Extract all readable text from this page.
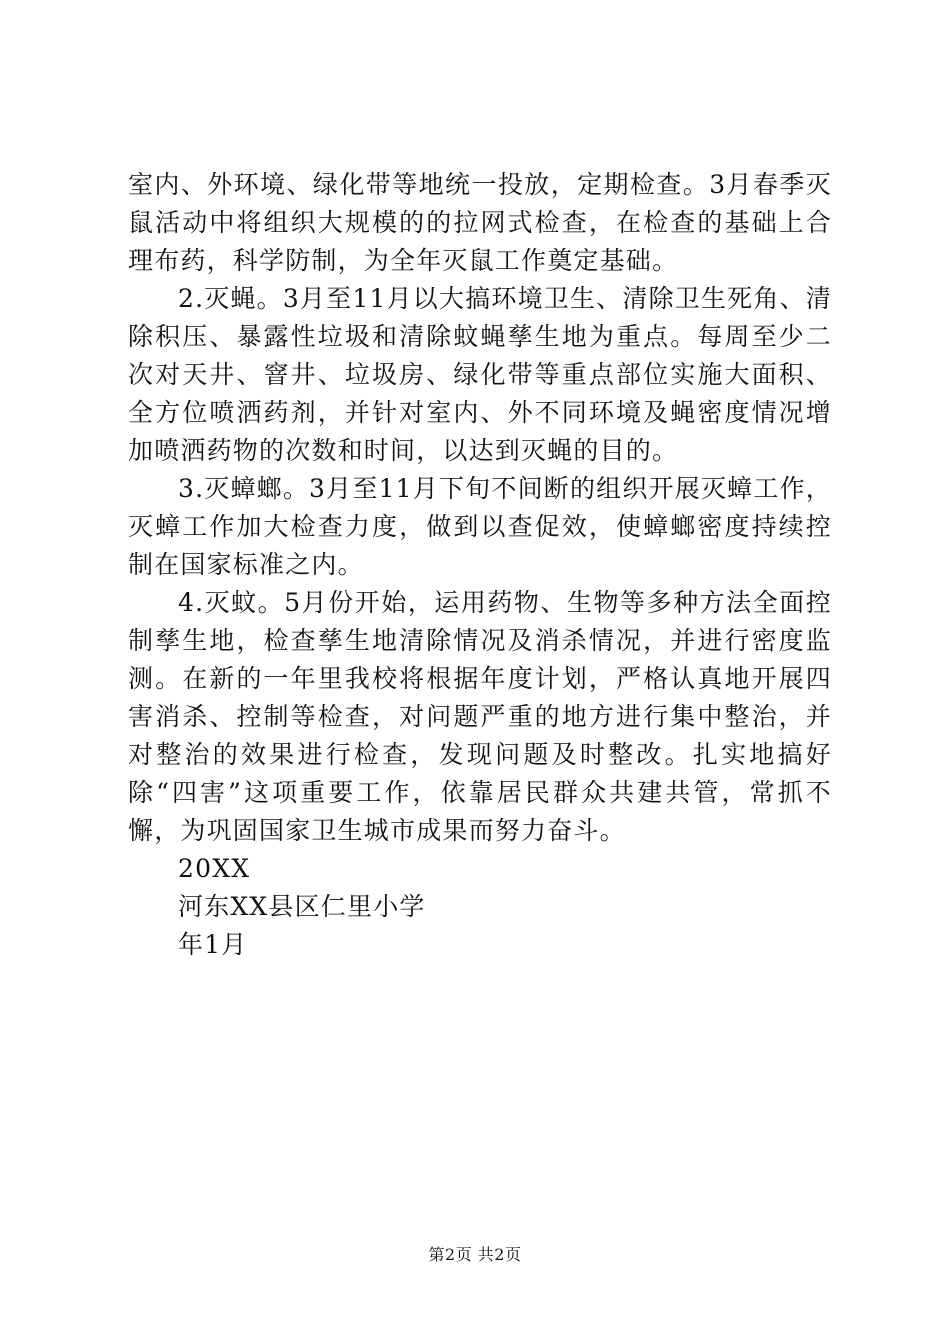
室内、外环境、绿化带等地统一投放，定期检查。3月春季灭鼠活动中将组织大规模的的拉网式检查，在检查的基础上合理布药，科学防制，为全年灭鼠工作奠定基础。

2.灭蝇。3月至11月以大搞环境卫生、清除卫生死角、清除积压、暴露性垃圾和清除蚊蝇孳生地为重点。每周至少二次对天井、窨井、垃圾房、绿化带等重点部位实施大面积、全方位喷洒药剂，并针对室内、外不同环境及蝇密度情况增加喷洒药物的次数和时间，以达到灭蝇的目的。

3.灭蟑螂。3月至11月下旬不间断的组织开展灭蟑工作，灭蟑工作加大检查力度，做到以查促效，使蟑螂密度持续控制在国家标准之内。

4.灭蚊。5月份开始，运用药物、生物等多种方法全面控制孳生地，检查孳生地清除情况及消杀情况，并进行密度监测。在新的一年里我校将根据年度计划，严格认真地开展四害消杀、控制等检查，对问题严重的地方进行集中整治，并对整治的效果进行检查，发现问题及时整改。扎实地搞好除“四害”这项重要工作，依靠居民群众共建共管，常抓不懈，为巩固国家卫生城市成果而努力奋斗。

20XX

河东XX县区仁里小学

年1月

第2页 共2页
